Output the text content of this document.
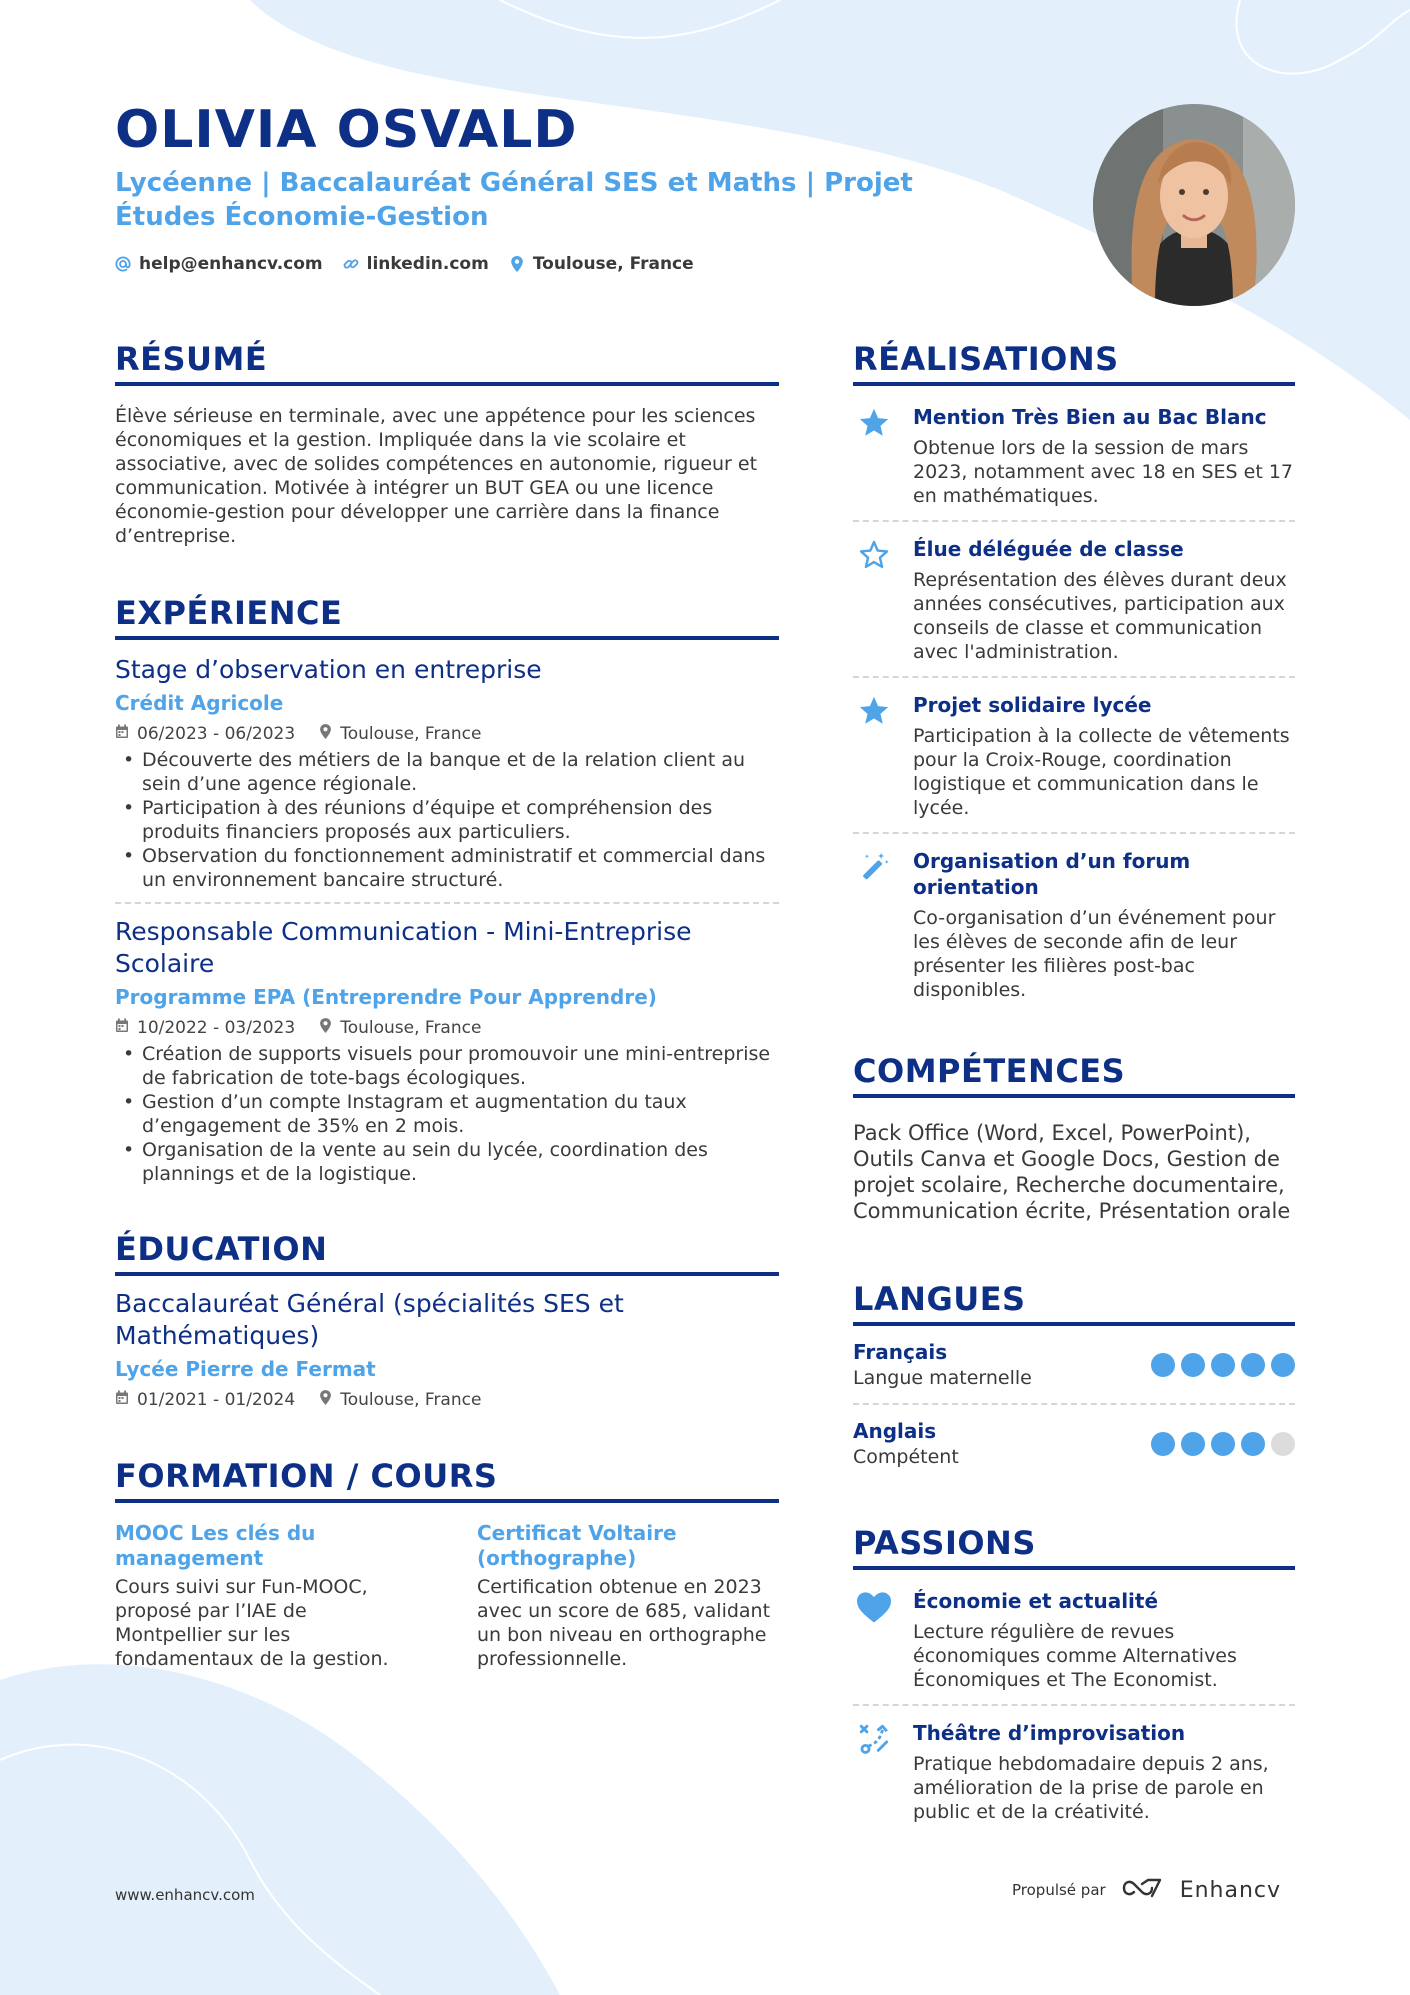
OLIVIA OSVALD
Lycéenne | Baccalauréat Général SES et Maths | Projet Études Économie-Gestion
help@enhancv.com	linkedin.com	Toulouse, France
RÉSUMÉ
Élève sérieuse en terminale, avec une appétence pour les sciences économiques et la gestion. Impliquée dans la vie scolaire et associative, avec de solides compétences en autonomie, rigueur et communication. Motivée à intégrer un BUT GEA ou une licence économie-gestion pour développer une carrière dans la finance d’entreprise.
EXPÉRIENCE
Stage d’observation en entreprise
Crédit Agricole
06/2023 - 06/2023	Toulouse, France
• Découverte des métiers de la banque et de la relation client au sein d’une agence régionale.
• Participation à des réunions d’équipe et compréhension des produits financiers proposés aux particuliers.
• Observation du fonctionnement administratif et commercial dans un environnement bancaire structuré.
Responsable Communication - Mini-Entreprise Scolaire
Programme EPA (Entreprendre Pour Apprendre)
10/2022 - 03/2023	Toulouse, France
• Création de supports visuels pour promouvoir une mini-entreprise de fabrication de tote-bags écologiques.
• Gestion d’un compte Instagram et augmentation du taux d’engagement de 35% en 2 mois.
• Organisation de la vente au sein du lycée, coordination des plannings et de la logistique.
ÉDUCATION
Baccalauréat Général (spécialités SES et Mathématiques)
Lycée Pierre de Fermat
01/2021 - 01/2024	Toulouse, France
FORMATION / COURS
MOOC Les clés du management
Cours suivi sur Fun-MOOC, proposé par l’IAE de Montpellier sur les fondamentaux de la gestion.
Certificat Voltaire (orthographe)
Certification obtenue en 2023 avec un score de 685, validant un bon niveau en orthographe professionnelle.
RÉALISATIONS
Mention Très Bien au Bac Blanc
Obtenue lors de la session de mars 2023, notamment avec 18 en SES et 17 en mathématiques.
Élue déléguée de classe
Représentation des élèves durant deux années consécutives, participation aux conseils de classe et communication avec l'administration.
Projet solidaire lycée
Participation à la collecte de vêtements pour la Croix-Rouge, coordination logistique et communication dans le lycée.
Organisation d’un forum orientation
Co-organisation d’un événement pour les élèves de seconde afin de leur présenter les filières post-bac disponibles.
COMPÉTENCES
Pack Office (Word, Excel, PowerPoint), Outils Canva et Google Docs, Gestion de projet scolaire, Recherche documentaire, Communication écrite, Présentation orale
LANGUES
Français
Langue maternelle
Anglais
Compétent
PASSIONS
Économie et actualité
Lecture régulière de revues économiques comme Alternatives Économiques et The Economist.
Théâtre d’improvisation
Pratique hebdomadaire depuis 2 ans, amélioration de la prise de parole en public et de la créativité.
www.enhancv.com	Propulsé par	Enhancv
